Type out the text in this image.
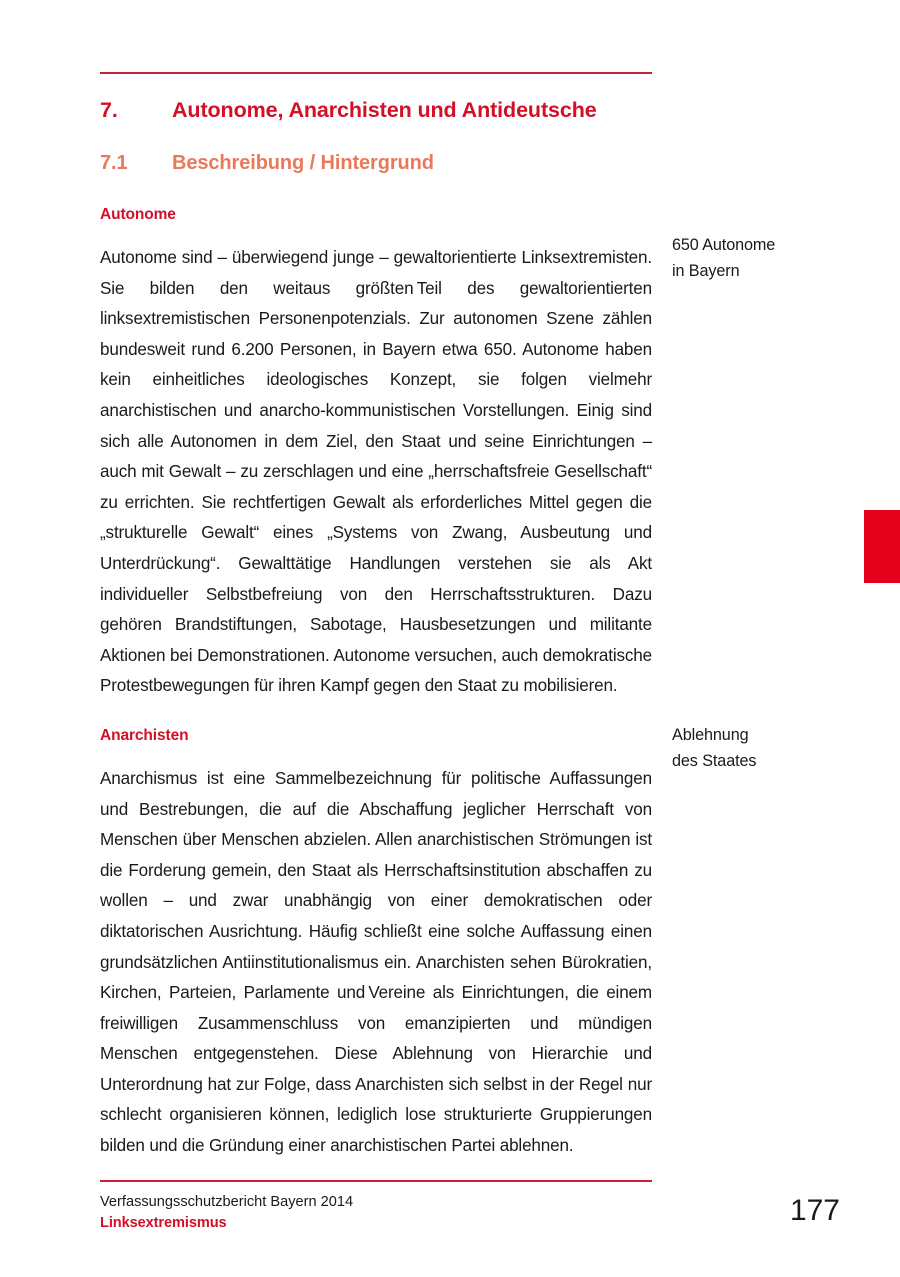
7.	Autonome, Anarchisten und Antideutsche
7.1	Beschreibung / Hintergrund
Autonome

Autonome sind – überwiegend junge – gewaltorientierte Linksextremisten. Sie bilden den weitaus größten Teil des gewaltorientierten linksextremistischen Personenpotenzials. Zur autonomen Szene zählen bundesweit rund 6.200 Personen, in Bayern etwa 650. Autonome haben kein einheitliches ideologisches Konzept, sie folgen vielmehr anarchistischen und anarcho-kommunistischen Vorstellungen. Einig sind sich alle Autonomen in dem Ziel, den Staat und seine Einrichtungen – auch mit Gewalt – zu zerschlagen und eine „herrschaftsfreie Gesellschaft“ zu errichten. Sie rechtfertigen Gewalt als erforderliches Mittel gegen die „strukturelle Gewalt“ eines „Systems von Zwang, Ausbeutung und Unterdrückung“. Gewalttätige Handlungen verstehen sie als Akt individueller Selbstbefreiung von den Herrschaftsstrukturen. Dazu gehören Brandstiftungen, Sabotage, Hausbesetzungen und militante Aktionen bei Demonstrationen. Autonome versuchen, auch demokratische Protestbewegungen für ihren Kampf gegen den Staat zu mobilisieren.

Anarchisten

Anarchismus ist eine Sammelbezeichnung für politische Auffassungen und Bestrebungen, die auf die Abschaffung jeglicher Herrschaft von Menschen über Menschen abzielen. Allen anarchistischen Strömungen ist die Forderung gemein, den Staat als Herrschaftsinstitution abschaffen zu wollen – und zwar unabhängig von einer demokratischen oder diktatorischen Ausrichtung. Häufig schließt eine solche Auffassung einen grundsätzlichen Antiinstitutionalismus ein. Anarchisten sehen Bürokratien, Kirchen, Parteien, Parlamente und Vereine als Einrichtungen, die einem freiwilligen Zusammenschluss von emanzipierten und mündigen Menschen entgegenstehen. Diese Ablehnung von Hierarchie und Unterordnung hat zur Folge, dass Anarchisten sich selbst in der Regel nur schlecht organisieren können, lediglich lose strukturierte Gruppierungen bilden und die Gründung einer anarchistischen Partei ablehnen.

650 Autonome
in Bayern
Ablehnung
des Staates
Verfassungsschutzbericht Bayern 2014
Linksextremismus	177
